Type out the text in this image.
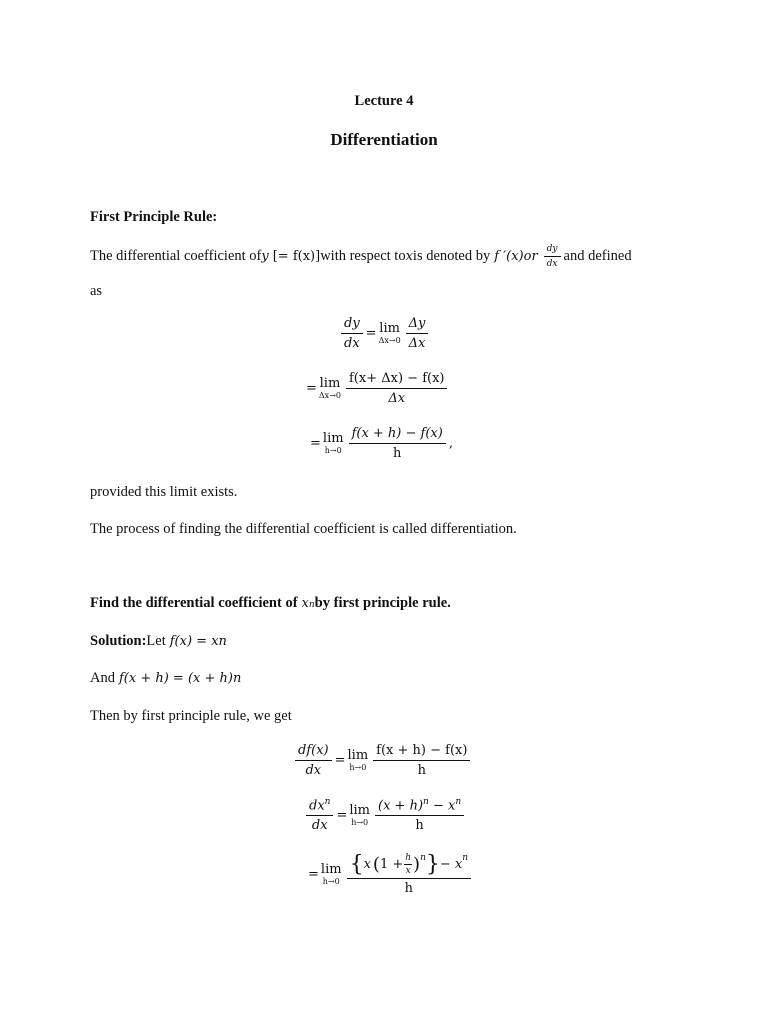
Lecture 4
Differentiation
First Principle Rule:
The differential coefficient of y [= f(x)] with respect to x is denoted by f $'(x)or \frac{dy}{dx}$ and defined
as
$\frac{dy}{dx} = \lim$
$\Delta x\to 0 \frac{\Delta y}{\Delta x}$
= lim
$\Delta x\to 0 \frac{f(x+ \Delta x) - f(x)}{\Delta x}$
= lim
$h\to 0 \frac{f(x + h) - f(x)}{h}$ ,
provided this limit exists.
The process of finding the differential coefficient is called differentiation.
Find the differential coefficient of x n by first principle rule.
Solution: Let f(x) = x n
And f(x + h) = (x + h) n
Then by first principle rule, we get
$\frac{df(x)}{dx} = \lim$
$h\to 0 \frac{f(x + h) - f(x)}{h}$
$\frac{dx^n}{dx} = \lim$
$h\to 0 \frac{(x + h)^n - x^n}{h}$
= lim
h→0
{ x ( $1 + \frac{h}{x} )^n$ } − $x^n$
h
